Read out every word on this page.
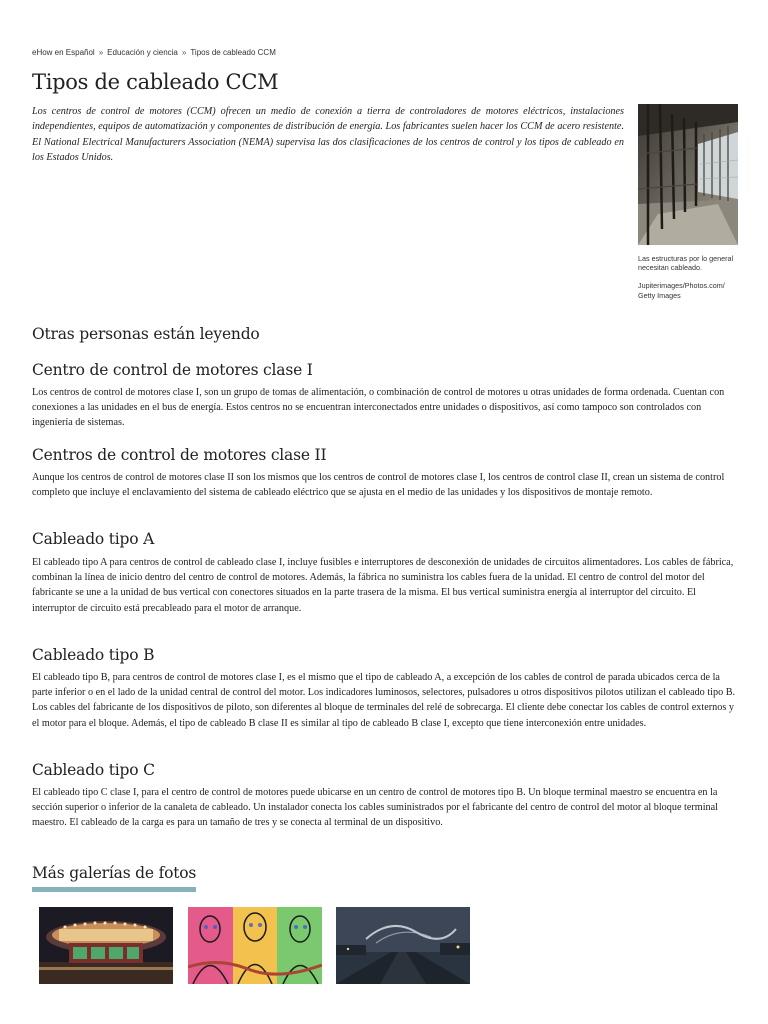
eHow en Español » Educación y ciencia » Tipos de cableado CCM
Tipos de cableado CCM

Los centros de control de motores (CCM) ofrecen un medio de conexión a tierra de controladores de motores eléctricos, instalaciones independientes, equipos de automatización y componentes de distribución de energía. Los fabricantes suelen hacer los CCM de acero resistente. El National Electrical Manufacturers Association (NEMA) supervisa las dos clasificaciones de los centros de control y los tipos de cableado en los Estados Unidos.

Las estructuras por lo general necesitan cableado.
Jupiterimages/Photos.com/ Getty Images
Otras personas están leyendo
Centro de control de motores clase I

Los centros de control de motores clase I, son un grupo de tomas de alimentación, o combinación de control de motores u otras unidades de forma ordenada. Cuentan con conexiones a las unidades en el bus de energía. Estos centros no se encuentran interconectados entre unidades o dispositivos, así como tampoco son controlados con ingeniería de sistemas.

Centros de control de motores clase II

Aunque los centros de control de motores clase II son los mismos que los centros de control de motores clase I, los centros de control clase II, crean un sistema de control completo que incluye el enclavamiento del sistema de cableado eléctrico que se ajusta en el medio de las unidades y los dispositivos de montaje remoto.

Cableado tipo A

El cableado tipo A para centros de control de cableado clase I, incluye fusibles e interruptores de desconexión de unidades de circuitos alimentadores. Los cables de fábrica, combinan la línea de inicio dentro del centro de control de motores. Además, la fábrica no suministra los cables fuera de la unidad. El centro de control del motor del fabricante se une a la unidad de bus vertical con conectores situados en la parte trasera de la misma. El bus vertical suministra energía al interruptor del circuito. El interruptor de circuito está precableado para el motor de arranque.

Cableado tipo B

El cableado tipo B, para centros de control de motores clase I, es el mismo que el tipo de cableado A, a excepción de los cables de control de parada ubicados cerca de la parte inferior o en el lado de la unidad central de control del motor. Los indicadores luminosos, selectores, pulsadores u otros dispositivos pilotos utilizan el cableado tipo B. Los cables del fabricante de los dispositivos de piloto, son diferentes al bloque de terminales del relé de sobrecarga. El cliente debe conectar los cables de control externos y el motor para el bloque. Además, el tipo de cableado B clase II es similar al tipo de cableado B clase I, excepto que tiene interconexión entre unidades.

Cableado tipo C

El cableado tipo C clase I, para el centro de control de motores puede ubicarse en un centro de control de motores tipo B. Un bloque terminal maestro se encuentra en la sección superior o inferior de la canaleta de cableado. Un instalador conecta los cables suministrados por el fabricante del centro de control del motor al bloque terminal maestro. El cableado de la carga es para un tamaño de tres y se conecta al terminal de un dispositivo.

Más galerías de fotos
